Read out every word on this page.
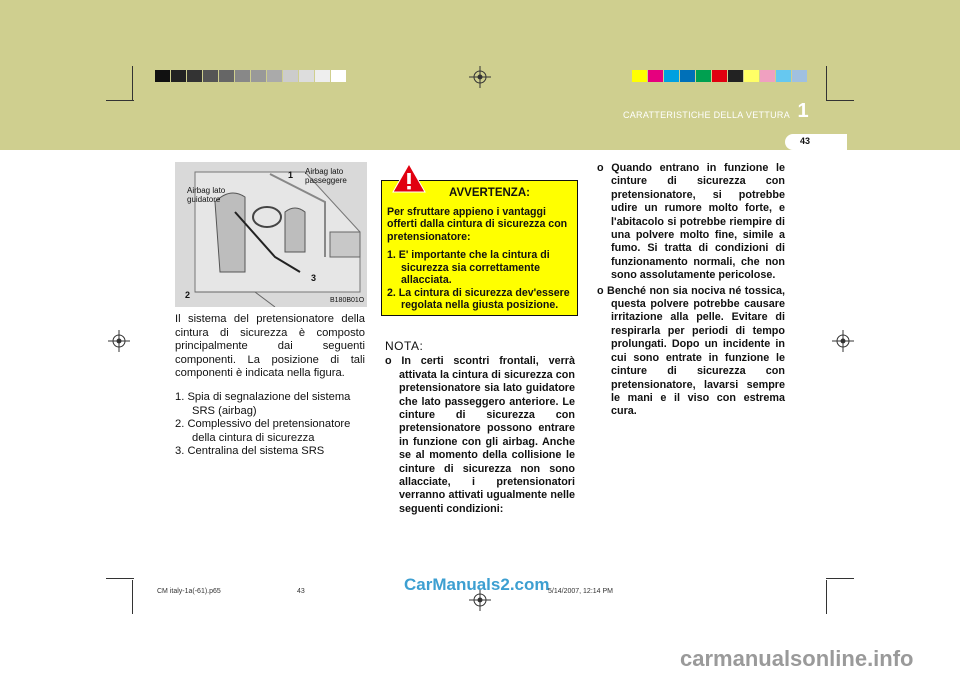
CARATTERISTICHE DELLA VETTURA 1
43
Airbag lato guidatore
Airbag lato passeggere
1
2
3
B180B01O

Il sistema del pretensionatore della cintura di sicurezza è composto principalmente dai seguenti componenti. La posizione di tali componenti è indicata nella figura.

1. Spia di segnalazione del sistema SRS (airbag)
2. Complessivo del pretensionatore della cintura di sicurezza
3. Centralina del sistema SRS
AVVERTENZA:

Per sfruttare appieno i vantaggi offerti dalla cintura di sicurezza con pretensionatore:

1. E' importante che la cintura di sicurezza sia correttamente allacciata.
2. La cintura di sicurezza dev'essere regolata nella giusta posizione.
NOTA:
o In certi scontri frontali, verrà attivata la cintura di sicurezza con pretensionatore sia lato guidatore che lato passeggero anteriore. Le cinture di sicurezza con pretensionatore possono entrare in funzione con gli airbag. Anche se al momento della collisione le cinture di sicurezza non sono allacciate, i pretensionatori verranno attivati ugualmente nelle seguenti condizioni:
o Quando entrano in funzione le cinture di sicurezza con pretensionatore, si potrebbe udire un rumore molto forte, e l'abitacolo si potrebbe riempire di una polvere molto fine, simile a fumo. Si tratta di condizioni di funzionamento normali, che non sono assolutamente pericolose.
o Benché non sia nociva né tossica, questa polvere potrebbe causare irritazione alla pelle. Evitare di respirarla per periodi di tempo prolungati. Dopo un incidente in cui sono entrate in funzione le cinture di sicurezza con pretensionatore, lavarsi sempre le mani e il viso con estrema cura.
CM italy-1a(-61).p65	43	5/14/2007, 12:14 PM
CarManuals2.com
carmanualsonline.info
